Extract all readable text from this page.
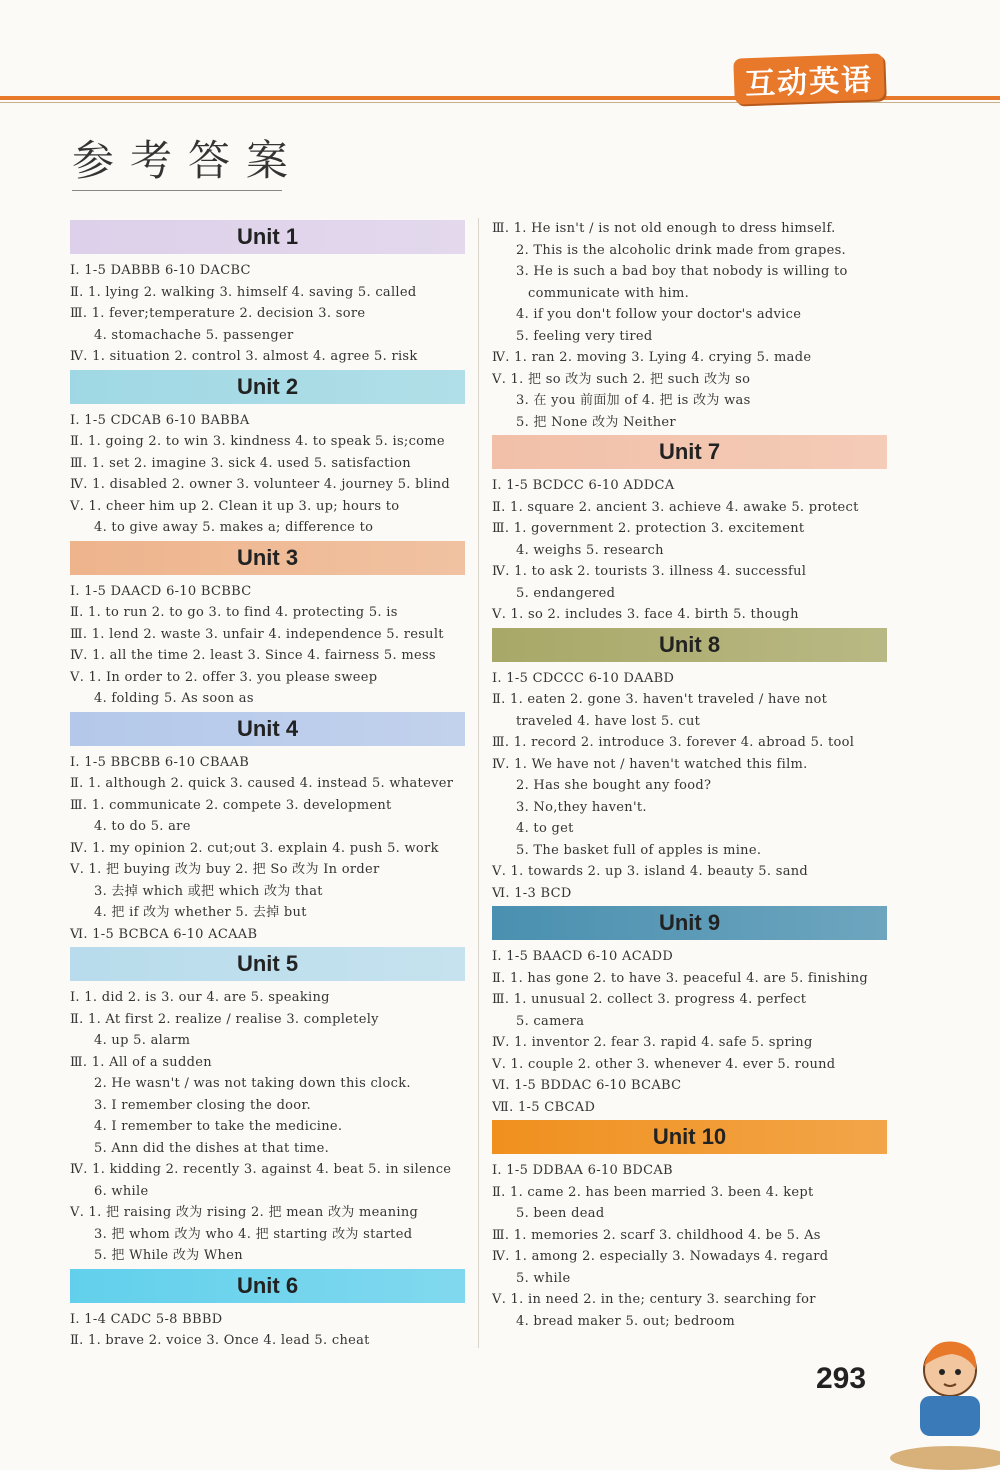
互动英语
参考答案
Unit 1
Ⅰ. 1-5 DABBB 6-10 DACBC
Ⅱ. 1. lying 2. walking 3. himself 4. saving 5. called
Ⅲ. 1. fever;temperature 2. decision 3. sore
4. stomachache 5. passenger
Ⅳ. 1. situation 2. control 3. almost 4. agree 5. risk
Unit 2
Ⅰ. 1-5 CDCAB 6-10 BABBA
Ⅱ. 1. going 2. to win 3. kindness 4. to speak 5. is;come
Ⅲ. 1. set 2. imagine 3. sick 4. used 5. satisfaction
Ⅳ. 1. disabled 2. owner 3. volunteer 4. journey 5. blind
Ⅴ. 1. cheer him up 2. Clean it up 3. up; hours to
4. to give away 5. makes a; difference to
Unit 3
Ⅰ. 1-5 DAACD 6-10 BCBBC
Ⅱ. 1. to run 2. to go 3. to find 4. protecting 5. is
Ⅲ. 1. lend 2. waste 3. unfair 4. independence 5. result
Ⅳ. 1. all the time 2. least 3. Since 4. fairness 5. mess
Ⅴ. 1. In order to 2. offer 3. you please sweep
4. folding 5. As soon as
Unit 4
Ⅰ. 1-5 BBCBB 6-10 CBAAB
Ⅱ. 1. although 2. quick 3. caused 4. instead 5. whatever
Ⅲ. 1. communicate 2. compete 3. development
4. to do 5. are
Ⅳ. 1. my opinion 2. cut;out 3. explain 4. push 5. work
Ⅴ. 1. 把 buying 改为 buy 2. 把 So 改为 In order
3. 去掉 which 或把 which 改为 that
4. 把 if 改为 whether 5. 去掉 but
Ⅵ. 1-5 BCBCA 6-10 ACAAB
Unit 5
Ⅰ. 1. did 2. is 3. our 4. are 5. speaking
Ⅱ. 1. At first 2. realize / realise 3. completely
4. up 5. alarm
Ⅲ. 1. All of a sudden
2. He wasn't / was not taking down this clock.
3. I remember closing the door.
4. I remember to take the medicine.
5. Ann did the dishes at that time.
Ⅳ. 1. kidding 2. recently 3. against 4. beat 5. in silence
6. while
Ⅴ. 1. 把 raising 改为 rising 2. 把 mean 改为 meaning
3. 把 whom 改为 who 4. 把 starting 改为 started
5. 把 While 改为 When
Unit 6
Ⅰ. 1-4 CADC 5-8 BBBD
Ⅱ. 1. brave 2. voice 3. Once 4. lead 5. cheat
Ⅲ. 1. He isn't / is not old enough to dress himself.
2. This is the alcoholic drink made from grapes.
3. He is such a bad boy that nobody is willing to
communicate with him.
4. if you don't follow your doctor's advice
5. feeling very tired
Ⅳ. 1. ran 2. moving 3. Lying 4. crying 5. made
Ⅴ. 1. 把 so 改为 such 2. 把 such 改为 so
3. 在 you 前面加 of 4. 把 is 改为 was
5. 把 None 改为 Neither
Unit 7
Ⅰ. 1-5 BCDCC 6-10 ADDCA
Ⅱ. 1. square 2. ancient 3. achieve 4. awake 5. protect
Ⅲ. 1. government 2. protection 3. excitement
4. weighs 5. research
Ⅳ. 1. to ask 2. tourists 3. illness 4. successful
5. endangered
Ⅴ. 1. so 2. includes 3. face 4. birth 5. though
Unit 8
Ⅰ. 1-5 CDCCC 6-10 DAABD
Ⅱ. 1. eaten 2. gone 3. haven't traveled / have not
traveled 4. have lost 5. cut
Ⅲ. 1. record 2. introduce 3. forever 4. abroad 5. tool
Ⅳ. 1. We have not / haven't watched this film.
2. Has she bought any food?
3. No,they haven't.
4. to get
5. The basket full of apples is mine.
Ⅴ. 1. towards 2. up 3. island 4. beauty 5. sand
Ⅵ. 1-3 BCD
Unit 9
Ⅰ. 1-5 BAACD 6-10 ACADD
Ⅱ. 1. has gone 2. to have 3. peaceful 4. are 5. finishing
Ⅲ. 1. unusual 2. collect 3. progress 4. perfect
5. camera
Ⅳ. 1. inventor 2. fear 3. rapid 4. safe 5. spring
Ⅴ. 1. couple 2. other 3. whenever 4. ever 5. round
Ⅵ. 1-5 BDDAC 6-10 BCABC
Ⅶ. 1-5 CBCAD
Unit 10
Ⅰ. 1-5 DDBAA 6-10 BDCAB
Ⅱ. 1. came 2. has been married 3. been 4. kept
5. been dead
Ⅲ. 1. memories 2. scarf 3. childhood 4. be 5. As
Ⅳ. 1. among 2. especially 3. Nowadays 4. regard
5. while
Ⅴ. 1. in need 2. in the; century 3. searching for
4. bread maker 5. out; bedroom
293
